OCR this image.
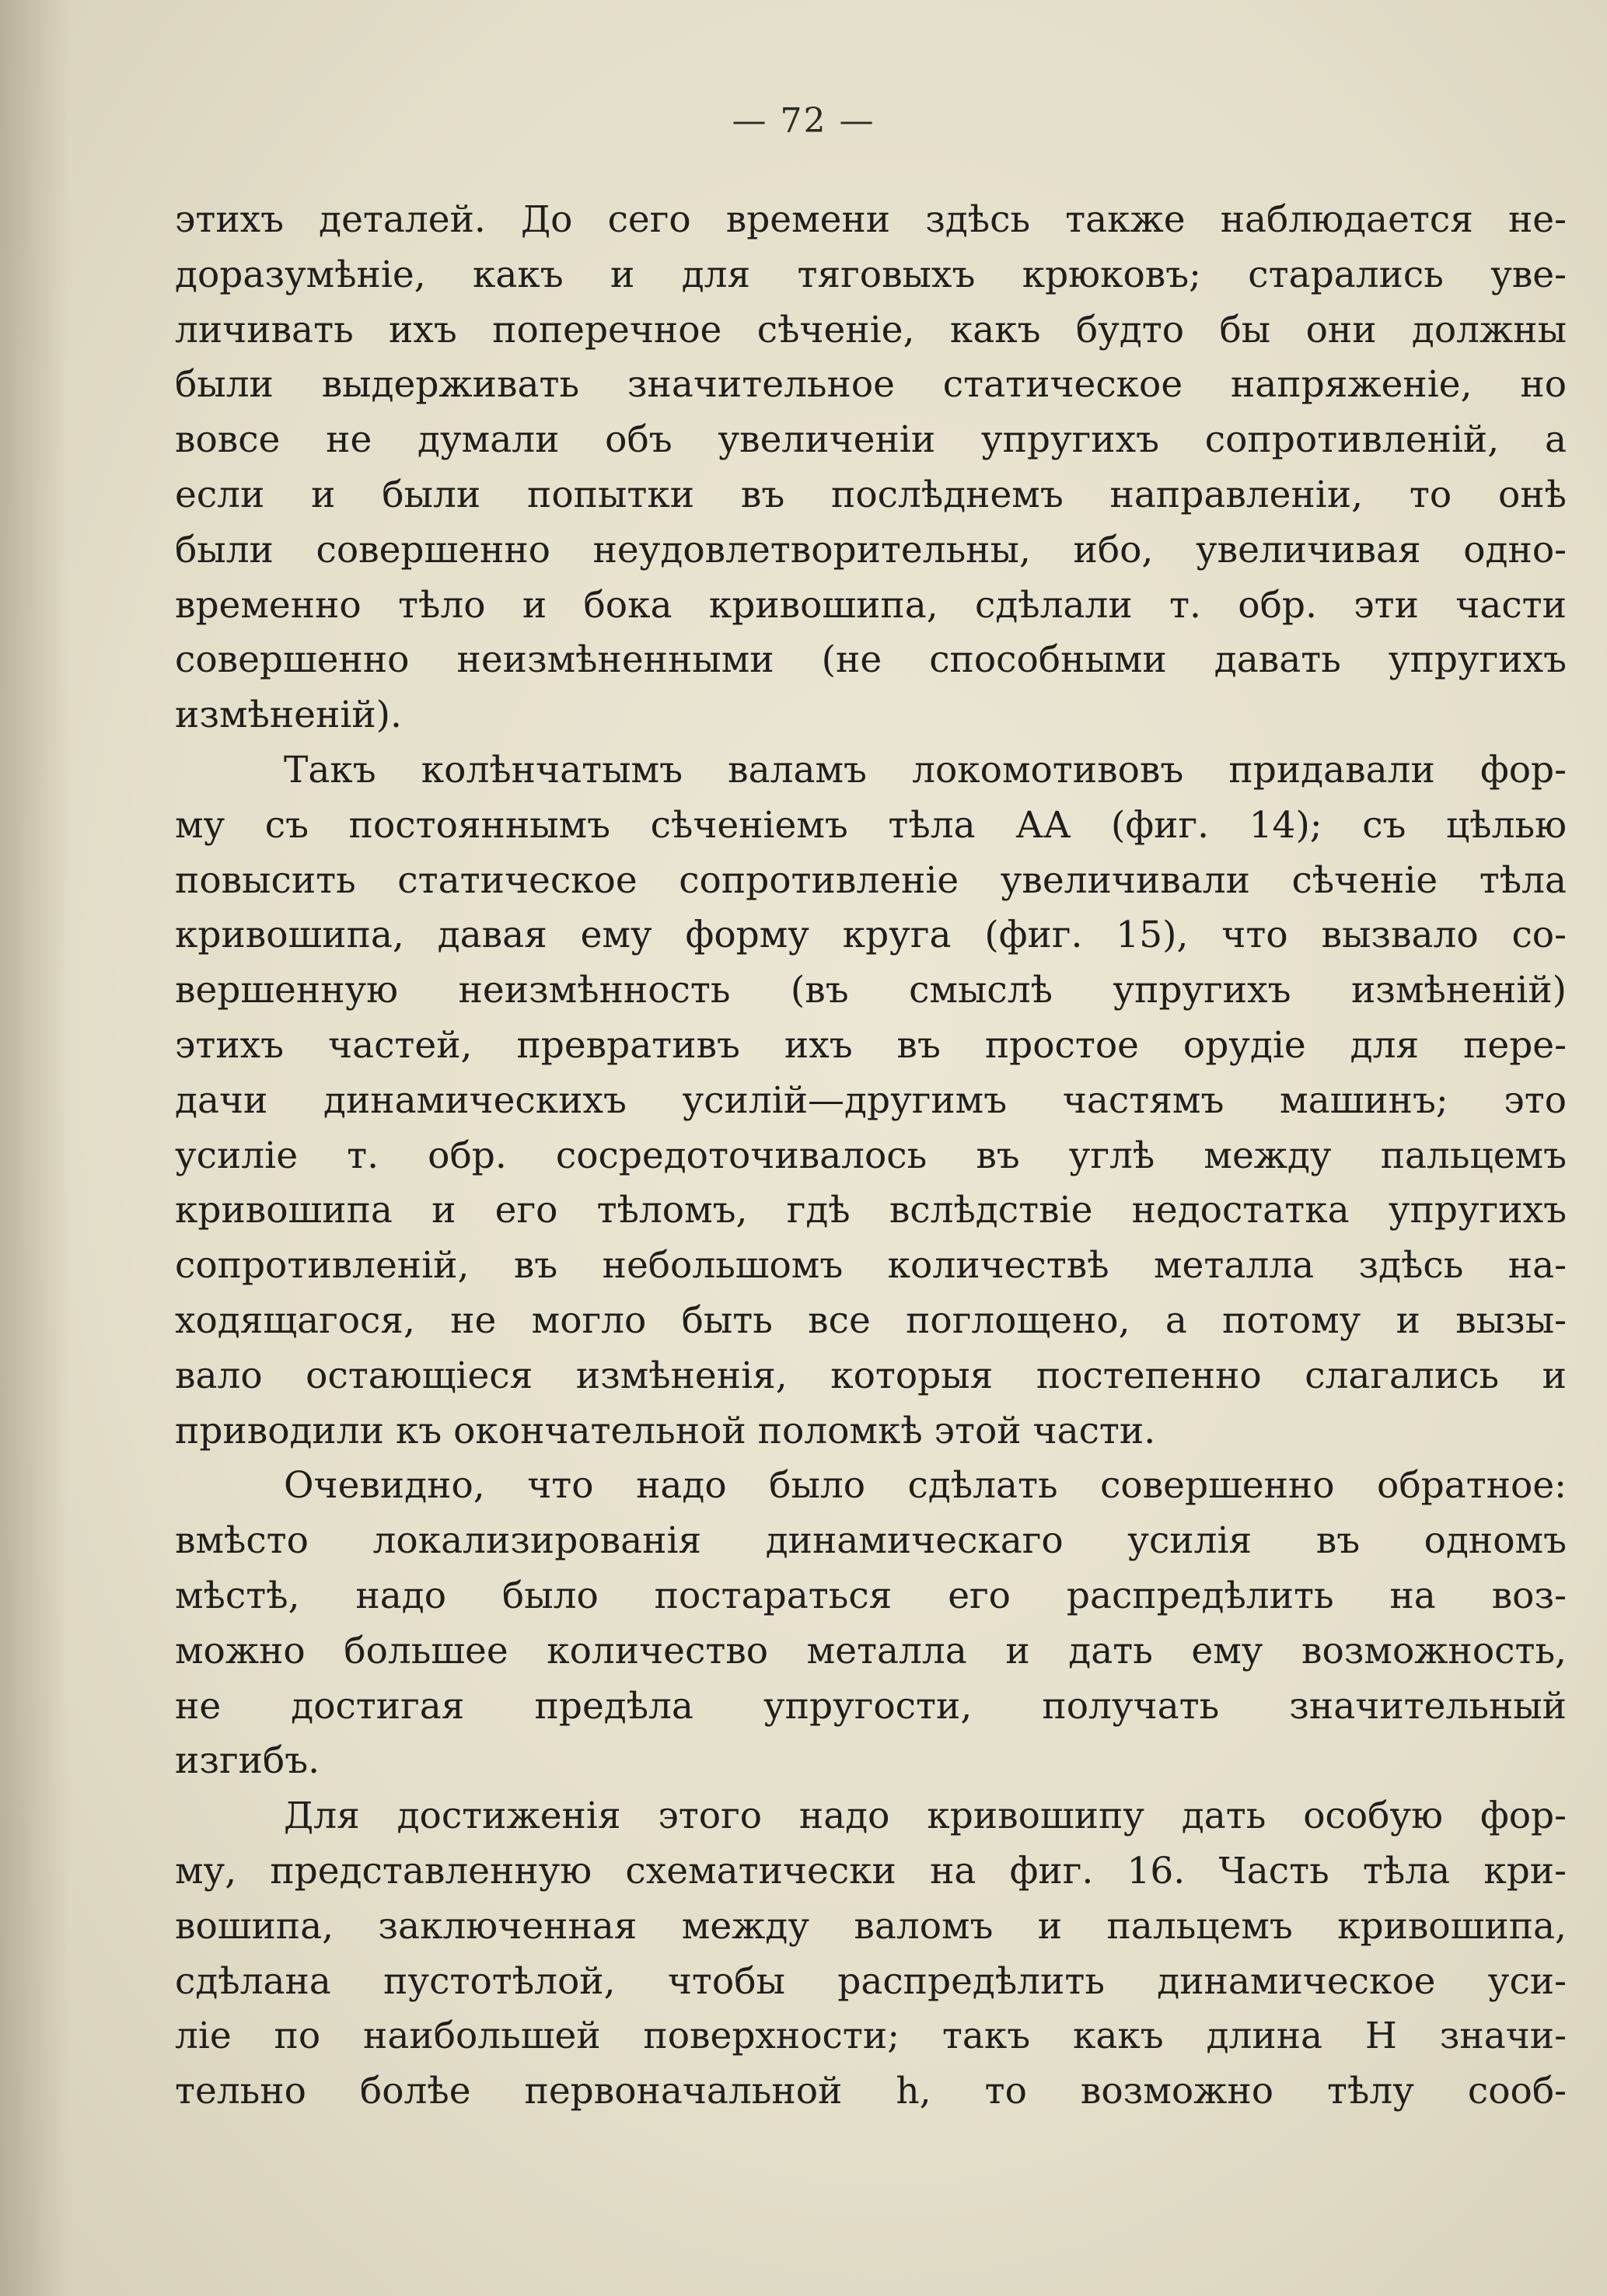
— 72 —
этихъ деталей. До сего времени здѣсь также наблюдается не-
доразумѣніе, какъ и для тяговыхъ крюковъ; старались уве-
личивать ихъ поперечное сѣченіе, какъ будто бы они должны
были выдерживать значительное статическое напряженіе, но
вовсе не думали объ увеличеніи упругихъ сопротивленій, а
если и были попытки въ послѣднемъ направленіи, то онѣ
были совершенно неудовлетворительны, ибо, увеличивая одно-
временно тѣло и бока кривошипа, сдѣлали т. обр. эти части
совершенно неизмѣненными (не способными давать упругихъ
измѣненій).
Такъ колѣнчатымъ валамъ локомотивовъ придавали фор-
му съ постояннымъ сѣченіемъ тѣла АА (фиг. 14); съ цѣлью
повысить статическое сопротивленіе увеличивали сѣченіе тѣла
кривошипа, давая ему форму круга (фиг. 15), что вызвало со-
вершенную неизмѣнность (въ смыслѣ упругихъ измѣненій)
этихъ частей, превративъ ихъ въ простое орудіе для пере-
дачи динамическихъ усилій—другимъ частямъ машинъ; это
усиліе т. обр. сосредоточивалось въ углѣ между пальцемъ
кривошипа и его тѣломъ, гдѣ вслѣдствіе недостатка упругихъ
сопротивленій, въ небольшомъ количествѣ металла здѣсь на-
ходящагося, не могло быть все поглощено, а потому и вызы-
вало остающіеся измѣненія, которыя постепенно слагались и
приводили къ окончательной поломкѣ этой части.
Очевидно, что надо было сдѣлать совершенно обратное:
вмѣсто локализированія динамическаго усилія въ одномъ
мѣстѣ, надо было постараться его распредѣлить на воз-
можно большее количество металла и дать ему возможность,
не достигая предѣла упругости, получать значительный
изгибъ.
Для достиженія этого надо кривошипу дать особую фор-
му, представленную схематически на фиг. 16. Часть тѣла кри-
вошипа, заключенная между валомъ и пальцемъ кривошипа,
сдѣлана пустотѣлой, чтобы распредѣлить динамическое уси-
ліе по наибольшей поверхности; такъ какъ длина Н значи-
тельно болѣе первоначальной h, то возможно тѣлу сооб-
